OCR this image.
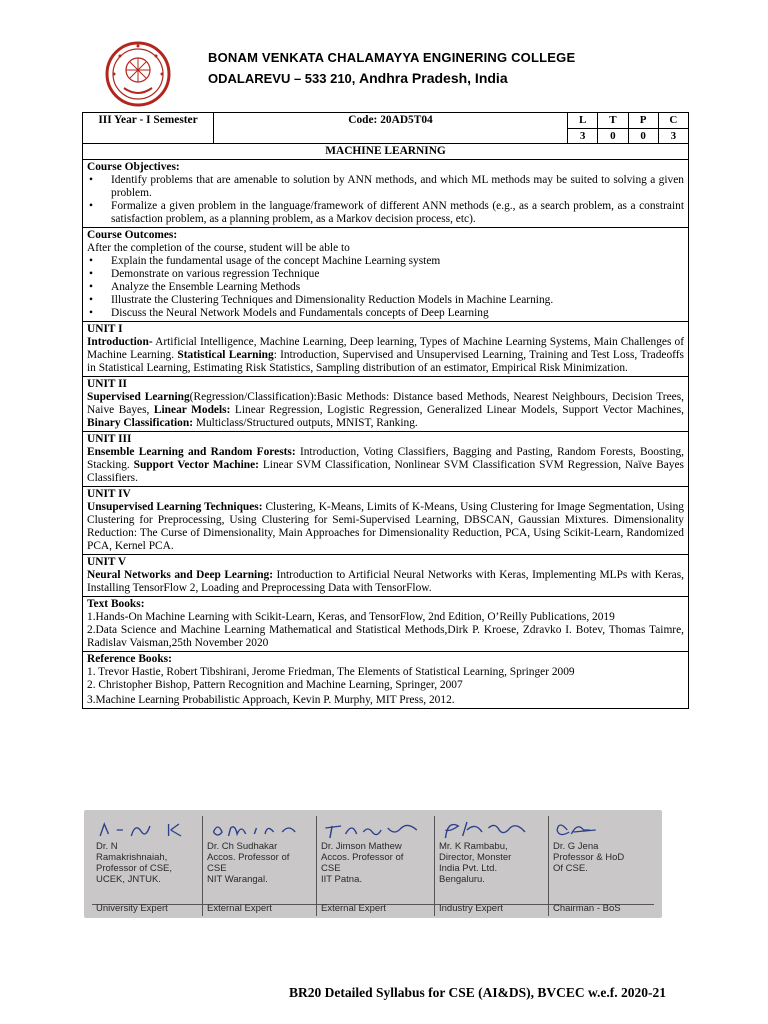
BONAM VENKATA CHALAMAYYA ENGINERING COLLEGE
ODALAREVU – 533 210, Andhra Pradesh, India
III Year - I Semester	Code: 20AD5T04		L	T	P	C
3	0	0	3

MACHINE LEARNING

Course Objectives:
• Identify problems that are amenable to solution by ANN methods, and which ML methods may be suited to solving a given problem.
• Formalize a given problem in the language/framework of different ANN methods (e.g., as a search problem, as a constraint satisfaction problem, as a planning problem, as a Markov decision process, etc).

Course Outcomes:
After the completion of the course, student will be able to
• Explain the fundamental usage of the concept Machine Learning system
• Demonstrate on various regression Technique
• Analyze the Ensemble Learning Methods
• Illustrate the Clustering Techniques and Dimensionality Reduction Models in Machine Learning.
• Discuss the Neural Network Models and Fundamentals concepts of Deep Learning

UNIT I
Introduction- Artificial Intelligence, Machine Learning, Deep learning, Types of Machine Learning Systems, Main Challenges of Machine Learning. Statistical Learning: Introduction, Supervised and Unsupervised Learning, Training and Test Loss, Tradeoffs in Statistical Learning, Estimating Risk Statistics, Sampling distribution of an estimator, Empirical Risk Minimization.

UNIT II
Supervised Learning(Regression/Classification):Basic Methods: Distance based Methods, Nearest Neighbours, Decision Trees, Naive Bayes, Linear Models: Linear Regression, Logistic Regression, Generalized Linear Models, Support Vector Machines, Binary Classification: Multiclass/Structured outputs, MNIST, Ranking.

UNIT III
Ensemble Learning and Random Forests: Introduction, Voting Classifiers, Bagging and Pasting, Random Forests, Boosting, Stacking. Support Vector Machine: Linear SVM Classification, Nonlinear SVM Classification SVM Regression, Naïve Bayes Classifiers.

UNIT IV
Unsupervised Learning Techniques: Clustering, K-Means, Limits of K-Means, Using Clustering for Image Segmentation, Using Clustering for Preprocessing, Using Clustering for Semi-Supervised Learning, DBSCAN, Gaussian Mixtures. Dimensionality Reduction: The Curse of Dimensionality, Main Approaches for Dimensionality Reduction, PCA, Using Scikit-Learn, Randomized PCA, Kernel PCA.

UNIT V
Neural Networks and Deep Learning: Introduction to Artificial Neural Networks with Keras, Implementing MLPs with Keras, Installing TensorFlow 2, Loading and Preprocessing Data with TensorFlow.

Text Books:

1.Hands-On Machine Learning with Scikit-Learn, Keras, and TensorFlow, 2nd Edition, O’Reilly Publications, 2019

2.Data Science and Machine Learning Mathematical and Statistical Methods,Dirk P. Kroese, Zdravko I. Botev, Thomas Taimre, Radislav Vaisman,25th November 2020

Reference Books:

1. Trevor Hastie, Robert Tibshirani, Jerome Friedman, The Elements of Statistical Learning, Springer 2009

2. Christopher Bishop, Pattern Recognition and Machine Learning, Springer, 2007

3.Machine Learning Probabilistic Approach, Kevin P. Murphy, MIT Press, 2012.

Dr. N
Ramakrishnaiah,
Professor of CSE,
UCEK, JNTUK.
University Expert
Dr. Ch Sudhakar
Accos. Professor of
CSE
NIT Warangal.
External Expert
Dr. Jimson Mathew
Accos. Professor of
CSE
IIT Patna.
External Expert
Mr. K Rambabu,
Director, Monster
India Pvt. Ltd.
Bengaluru.
Industry Expert
Dr. G Jena
Professor & HoD
Of CSE.
Chairman - BoS
BR20 Detailed Syllabus for CSE (AI&DS), BVCEC w.e.f. 2020-21
